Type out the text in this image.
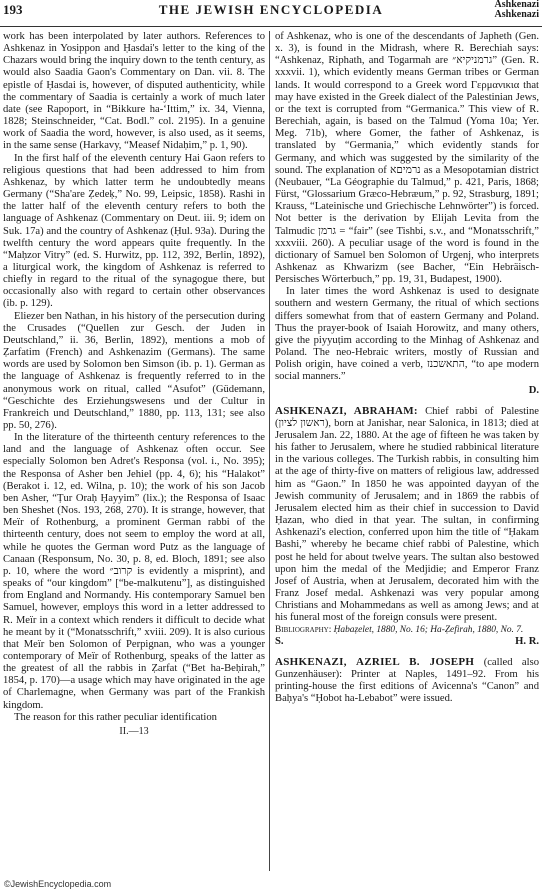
193	THE JEWISH ENCYCLOPEDIA	Ashkenazi
Ashkenazi

work has been interpolated by later authors. References to Ashkenaz in Yosippon and Ḥasdai's letter to the king of the Chazars would bring the inquiry down to the tenth century, as would also Saadia Gaon's Commentary on Dan. vii. 8. The epistle of Ḥasdai is, however, of disputed authenticity, while the commentary of Saadia is certainly a work of much later date (see Rapoport, in “Bikkure ha-‘Ittim,” ix. 34, Vienna, 1828; Steinschneider, “Cat. Bodl.” col. 2195). In a genuine work of Saadia the word, however, is also used, as it seems, in the same sense (Harkavy, “Measef Nidaḥim,” p. 1, 90).

In the first half of the eleventh century Hai Gaon refers to religious questions that had been addressed to him from Ashkenaz, by which latter term he undoubtedly means Germany (“Sha'are Ẓedeḳ,” No. 99, Leipsic, 1858). Rashi in the latter half of the eleventh century refers to both the language of Ashkenaz (Commentary on Deut. iii. 9; idem on Suk. 17a) and the country of Ashkenaz (Ḥul. 93a). During the twelfth century the word appears quite frequently. In the “Maḥzor Vitry” (ed. S. Hurwitz, pp. 112, 392, Berlin, 1892), a liturgical work, the kingdom of Ashkenaz is referred to chiefly in regard to the ritual of the synagogue there, but occasionally also with regard to certain other observances (ib. p. 129).

Eliezer ben Nathan, in his history of the persecution during the Crusades (“Quellen zur Gesch. der Juden in Deutschland,” ii. 36, Berlin, 1892), mentions a mob of Ẓarfatim (French) and Ashkenazim (Germans). The same words are used by Solomon ben Simson (ib. p. 1). German as the language of Ashkenaz is frequently referred to in the anonymous work on ritual, called “Asufot” (Güdemann, “Geschichte des Erziehungswesens und der Cultur in Frankreich und Deutschland,” 1880, pp. 113, 131; see also pp. 50, 276).

In the literature of the thirteenth century references to the land and the language of Ashkenaz often occur. See especially Solomon ben Adret's Responsa (vol. i., No. 395); the Responsa of Asher ben Jehiel (pp. 4, 6); his “Halakot” (Berakot i. 12, ed. Wilna, p. 10); the work of his son Jacob ben Asher, “Ṭur Oraḥ Ḥayyim” (lix.); the Responsa of Isaac ben Sheshet (Nos. 193, 268, 270). It is strange, however, that Meïr of Rothenburg, a prominent German rabbi of the thirteenth century, does not seem to employ the word at all, while he quotes the German word Putz as the language of Canaan (Responsum, No. 30, p. 8, ed. Bloch, 1891; see also p. 10, where the word קרוב״ is evidently a misprint), and speaks of “our kingdom” [“be-malkutenu”], as distinguished from England and Normandy. His contemporary Samuel ben Samuel, however, employs this word in a letter addressed to R. Meïr in a context which renders it difficult to decide what he meant by it (“Monatsschrift,” xviii. 209). It is also curious that Meïr ben Solomon of Perpignan, who was a younger contemporary of Meïr of Rothenburg, speaks of the latter as the greatest of all the rabbis in Ẓarfat (“Bet ha-Beḥirah,” 1854, p. 170)—a usage which may have originated in the age of Charlemagne, when Germany was part of the Frankish kingdom.

The reason for this rather peculiar identification

II.—13

of Ashkenaz, who is one of the descendants of Japheth (Gen. x. 3), is found in the Midrash, where R. Berechiah says: “Ashkenaz, Riphath, and Togarmah are גרמניקיא״” (Gen. R. xxxvii. 1), which evidently means German tribes or German lands. It would correspond to a Greek word Γερμανικια that may have existed in the Greek dialect of the Palestinian Jews, or the text is corrupted from “Germanica.” This view of R. Berechiah, again, is based on the Talmud (Yoma 10a; Yer. Meg. 71b), where Gomer, the father of Ashkenaz, is translated by “Germania,” which evidently stands for Germany, and which was suggested by the similarity of the sound. The explanation of נרמיםא as a Mesopotamian district (Neubauer, “La Géographie du Talmud,” p. 421, Paris, 1868; Fürst, “Glossarium Græco-Hebræum,” p. 92, Strasburg, 1891; Krauss, “Lateinische und Griechische Lehnwörter”) is forced. Not better is the derivation by Elijah Levita from the Talmudic גרמן = “fair” (see Tishbi, s.v., and “Monatsschrift,” xxxviii. 260). A peculiar usage of the word is found in the dictionary of Samuel ben Solomon of Urgenj, who interprets Ashkenaz as Khwarizm (see Bacher, “Ein Hebräisch-Persisches Wörterbuch,” pp. 19, 31, Budapest, 1900).

In later times the word Ashkenaz is used to designate southern and western Germany, the ritual of which sections differs somewhat from that of eastern Germany and Poland. Thus the prayer-book of Isaiah Horowitz, and many others, give the piyyuṭim according to the Minhag of Ashkenaz and Poland. The neo-Hebraic writers, mostly of Russian and Polish origin, have coined a verb, התאשכנז, “to ape modern social manners.”

D.

ASHKENAZI, ABRAHAM: Chief rabbi of Palestine (ראשון לציון), born at Janishar, near Salonica, in 1813; died at Jerusalem Jan. 22, 1880. At the age of fifteen he was taken by his father to Jerusalem, where he studied rabbinical literature in the various colleges. The Turkish rabbis, in consulting him at the age of thirty-five on matters of religious law, addressed him as “Gaon.” In 1850 he was appointed dayyan of the Jewish community of Jerusalem; and in 1869 the rabbis of Jerusalem elected him as their chief in succession to David Ḥazan, who died in that year. The sultan, in confirming Ashkenazi's election, conferred upon him the title of “Ḥakam Bashi,” whereby he became chief rabbi of Palestine, which post he held for about twelve years. The sultan also bestowed upon him the medal of the Medjidie; and Emperor Franz Josef of Austria, when at Jerusalem, decorated him with the Franz Josef medal. Ashkenazi was very popular among Christians and Mohammedans as well as among Jews; and at his funeral most of the foreign consuls were present.

Bibliography: Ḥabaẓelet, 1880, No. 16; Ha-Ẓefirah, 1880, No. 7.

S.	H. R.

ASHKENAZI, AZRIEL B. JOSEPH (called also Gunzenhäuser): Printer at Naples, 1491–92. From his printing-house the first editions of Avicenna's “Canon” and Baḥya's “Ḥobot ha-Lebabot” were issued.

©JewishEncyclopedia.com
